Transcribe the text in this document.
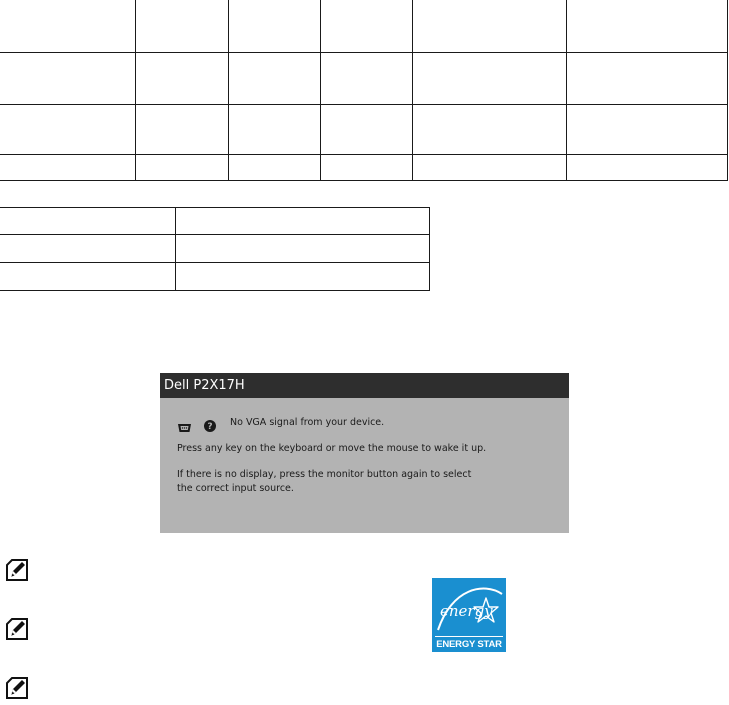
Dell P2X17H
? No VGA signal from your device.
Press any key on the keyboard or move the mouse to wake it up.
If there is no display, press the monitor button again to select
the correct input source.
energy
ENERGY STAR
